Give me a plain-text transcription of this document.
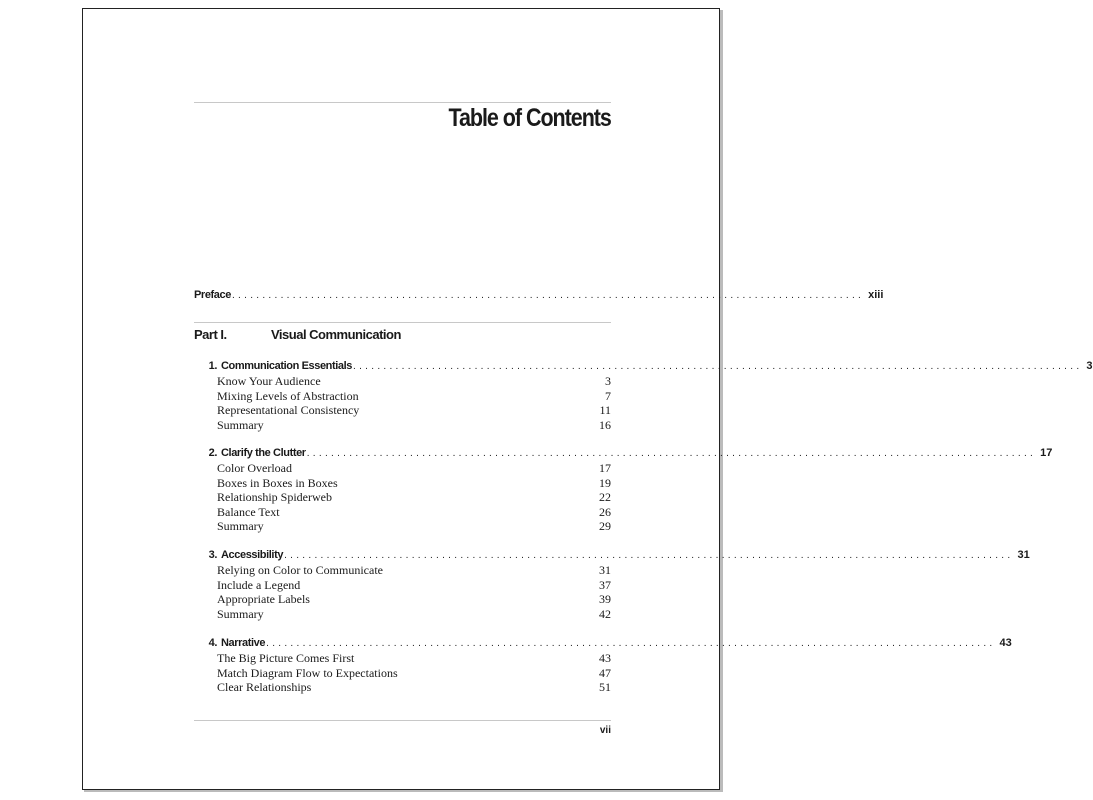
Table of Contents
Preface ........................................................................................................ xiii
Part I.	Visual Communication
1. Communication Essentials ........................................................................................................................ 3
Know Your Audience	3
Mixing Levels of Abstraction	7
Representational Consistency	11
Summary	16
2. Clarify the Clutter ........................................................................................................................ 17
Color Overload	17
Boxes in Boxes in Boxes	19
Relationship Spiderweb	22
Balance Text	26
Summary	29
3. Accessibility ........................................................................................................................ 31
Relying on Color to Communicate	31
Include a Legend	37
Appropriate Labels	39
Summary	42
4. Narrative ........................................................................................................................ 43
The Big Picture Comes First	43
Match Diagram Flow to Expectations	47
Clear Relationships	51
vii
